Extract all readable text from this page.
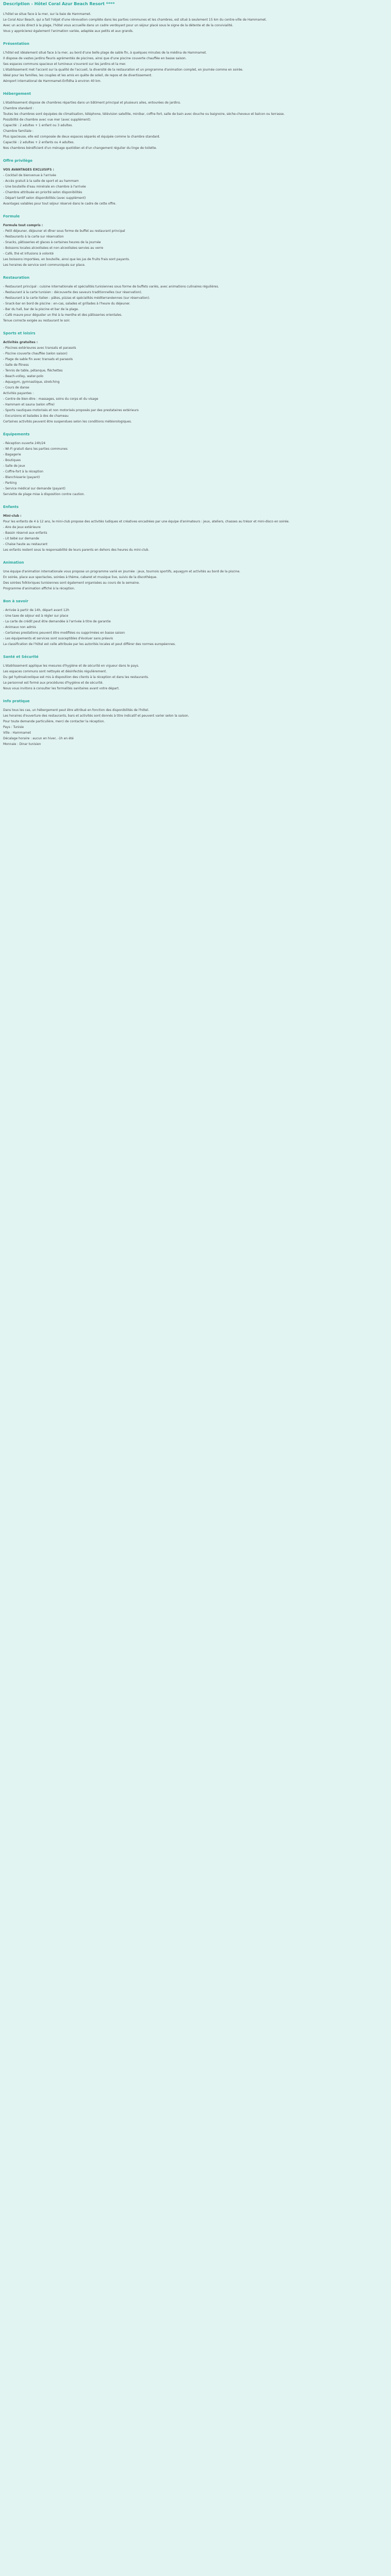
Description - Hôtel Coral Azur Beach Resort ****

L'hôtel se situe face à la mer, sur la baie de Hammamet.

Le Coral Azur Beach, qui a fait l'objet d'une rénovation complète dans les parties communes et les chambres, est situé à seulement 15 km du centre-ville de Hammamet.

Avec un accès direct à la plage, l'hôtel vous accueille dans un cadre verdoyant pour un séjour placé sous le signe de la détente et de la convivialité.

Vous y apprécierez également l'animation variée, adaptée aux petits et aux grands.

Présentation

L'hôtel est idéalement situé face à la mer, au bord d'une belle plage de sable fin, à quelques minutes de la médina de Hammamet.

Il dispose de vastes jardins fleuris agrémentés de piscines, ainsi que d'une piscine couverte chauffée en basse saison.

Ses espaces communs spacieux et lumineux s'ouvrent sur les jardins et la mer.

L'établissement met l'accent sur la qualité de l'accueil, la diversité de la restauration et un programme d'animation complet, en journée comme en soirée.

Idéal pour les familles, les couples et les amis en quête de soleil, de repos et de divertissement.

Aéroport international de Hammamet-Enfidha à environ 40 km.

Hébergement

L'établissement dispose de chambres réparties dans un bâtiment principal et plusieurs ailes, entourées de jardins.

Chambre standard :

Toutes les chambres sont équipées de climatisation, téléphone, télévision satellite, minibar, coffre-fort, salle de bain avec douche ou baignoire, sèche-cheveux et balcon ou terrasse.

Possibilité de chambre avec vue mer (avec supplément).

Capacité : 2 adultes + 1 enfant ou 3 adultes.

Chambre familiale :

Plus spacieuse, elle est composée de deux espaces séparés et équipée comme la chambre standard.

Capacité : 2 adultes + 2 enfants ou 4 adultes.

Nos chambres bénéficient d'un ménage quotidien et d'un changement régulier du linge de toilette.

Offre privilège

VOS AVANTAGES EXCLUSIFS :

- Cocktail de bienvenue à l'arrivée

- Accès gratuit à la salle de sport et au hammam

- Une bouteille d'eau minérale en chambre à l'arrivée

- Chambre attribuée en priorité selon disponibilités

- Départ tardif selon disponibilités (avec supplément)

Avantages valables pour tout séjour réservé dans le cadre de cette offre.

Formule

Formule tout compris :

- Petit déjeuner, déjeuner et dîner sous forme de buffet au restaurant principal

- Restaurants à la carte sur réservation

- Snacks, pâtisseries et glaces à certaines heures de la journée

- Boissons locales alcoolisées et non alcoolisées servies au verre

- Café, thé et infusions à volonté

Les boissons importées, en bouteille, ainsi que les jus de fruits frais sont payants.

Les horaires de service sont communiqués sur place.

Restauration

- Restaurant principal : cuisine internationale et spécialités tunisiennes sous forme de buffets variés, avec animations culinaires régulières.

- Restaurant à la carte tunisien : découverte des saveurs traditionnelles (sur réservation).

- Restaurant à la carte italien : pâtes, pizzas et spécialités méditerranéennes (sur réservation).

- Snack-bar en bord de piscine : en-cas, salades et grillades à l'heure du déjeuner.

- Bar du hall, bar de la piscine et bar de la plage.

- Café maure pour déguster un thé à la menthe et des pâtisseries orientales.

Tenue correcte exigée au restaurant le soir.

Sports et loisirs

Activités gratuites :

- Piscines extérieures avec transats et parasols

- Piscine couverte chauffée (selon saison)

- Plage de sable fin avec transats et parasols

- Salle de fitness

- Tennis de table, pétanque, fléchettes

- Beach-volley, water-polo

- Aquagym, gymnastique, stretching

- Cours de danse

Activités payantes :

- Centre de bien-être : massages, soins du corps et du visage

- Hammam et sauna (selon offre)

- Sports nautiques motorisés et non motorisés proposés par des prestataires extérieurs

- Excursions et balades à dos de chameau

Certaines activités peuvent être suspendues selon les conditions météorologiques.

Équipements

- Réception ouverte 24h/24

- Wi-Fi gratuit dans les parties communes

- Bagagerie

- Boutiques

- Salle de jeux

- Coffre-fort à la réception

- Blanchisserie (payant)

- Parking

- Service médical sur demande (payant)

Serviette de plage mise à disposition contre caution.

Enfants

Mini-club :

Pour les enfants de 4 à 12 ans, le mini-club propose des activités ludiques et créatives encadrées par une équipe d'animateurs : jeux, ateliers, chasses au trésor et mini-disco en soirée.

- Aire de jeux extérieure

- Bassin réservé aux enfants

- Lit bébé sur demande

- Chaise haute au restaurant

Les enfants restent sous la responsabilité de leurs parents en dehors des heures du mini-club.

Animation

Une équipe d'animation internationale vous propose un programme varié en journée : jeux, tournois sportifs, aquagym et activités au bord de la piscine.

En soirée, place aux spectacles, soirées à thème, cabaret et musique live, suivis de la discothèque.

Des soirées folkloriques tunisiennes sont également organisées au cours de la semaine.

Programme d'animation affiché à la réception.

Bon à savoir

- Arrivée à partir de 14h, départ avant 12h

- Une taxe de séjour est à régler sur place

- La carte de crédit peut être demandée à l'arrivée à titre de garantie

- Animaux non admis

- Certaines prestations peuvent être modifiées ou supprimées en basse saison

- Les équipements et services sont susceptibles d'évoluer sans préavis

La classification de l'hôtel est celle attribuée par les autorités locales et peut différer des normes européennes.

Santé et Sécurité

L'établissement applique les mesures d'hygiène et de sécurité en vigueur dans le pays.

Les espaces communs sont nettoyés et désinfectés régulièrement.

Du gel hydroalcoolique est mis à disposition des clients à la réception et dans les restaurants.

Le personnel est formé aux procédures d'hygiène et de sécurité.

Nous vous invitons à consulter les formalités sanitaires avant votre départ.

Info pratique

Dans tous les cas, un hébergement peut être attribué en fonction des disponibilités de l'hôtel.

Les horaires d'ouverture des restaurants, bars et activités sont donnés à titre indicatif et peuvent varier selon la saison.

Pour toute demande particulière, merci de contacter la réception.

Pays : Tunisie

Ville : Hammamet

Décalage horaire : aucun en hiver, -1h en été

Monnaie : Dinar tunisien
